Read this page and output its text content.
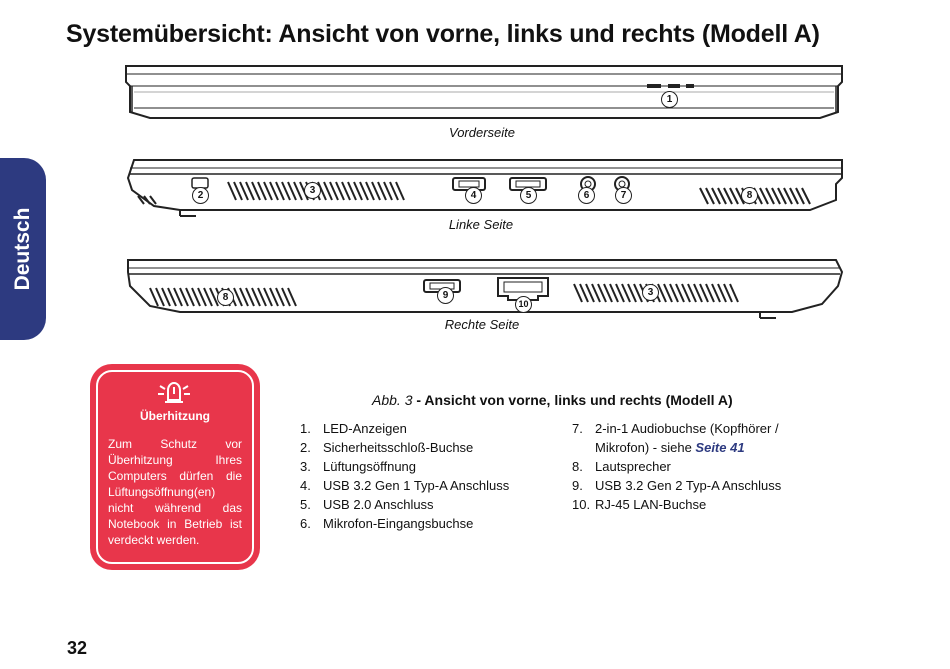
Systemübersicht: Ansicht von vorne, links und rechts (Modell A)
Deutsch
1
Vorderseite
2	3	4	5	6	7	8
Linke Seite
8	9
10
3
Rechte Seite
Überhitzung
Zum Schutz vor Überhitzung Ihres Computers dürfen die Lüftungsöffnung(en) nicht während das Notebook in Betrieb ist verdeckt werden.
Abb. 3 - Ansicht von vorne, links und rechts (Modell A)
1. LED-Anzeigen
2. Sicherheitsschloß-Buchse
3. Lüftungsöffnung
4. USB 3.2 Gen 1 Typ-A Anschluss
5. USB 2.0 Anschluss
6. Mikrofon-Eingangsbuchse
7. 2-in-1 Audiobuchse (Kopfhörer / Mikrofon) - siehe Seite 41
8. Lautsprecher
9. USB 3.2 Gen 2 Typ-A Anschluss
10. RJ-45 LAN-Buchse
32
